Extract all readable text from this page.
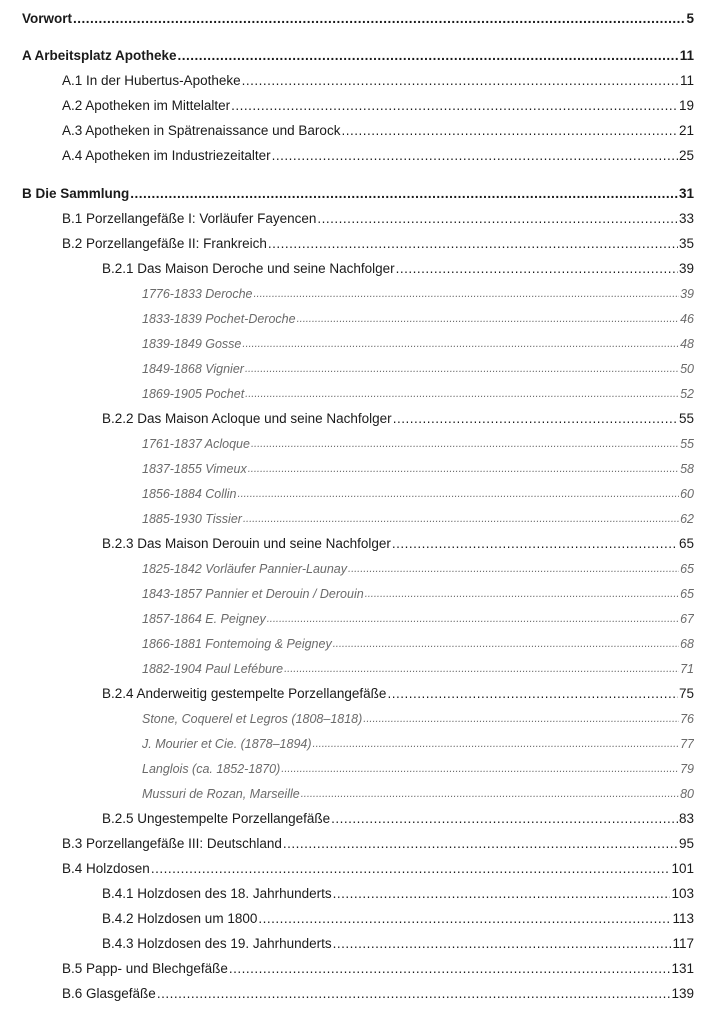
Vorwort .....	5
A Arbeitsplatz Apotheke .....	11
A.1 In der Hubertus-Apotheke .....	11
A.2 Apotheken im Mittelalter .....	19
A.3 Apotheken in Spätrenaissance und Barock .....	21
A.4 Apotheken im Industriezeitalter .....	25
B Die Sammlung .....	31
B.1 Porzellangefäße I: Vorläufer Fayencen .....	33
B.2 Porzellangefäße II: Frankreich .....	35
B.2.1 Das Maison Deroche und seine Nachfolger .....	39
1776-1833 Deroche .....	39
1833-1839 Pochet-Deroche .....	46
1839-1849 Gosse .....	48
1849-1868 Vignier .....	50
1869-1905 Pochet .....	52
B.2.2 Das Maison Acloque und seine Nachfolger .....	55
1761-1837 Acloque .....	55
1837-1855 Vimeux .....	58
1856-1884 Collin .....	60
1885-1930 Tissier .....	62
B.2.3 Das Maison Derouin und seine Nachfolger .....	65
1825-1842 Vorläufer Pannier-Launay .....	65
1843-1857 Pannier et Derouin / Derouin .....	65
1857-1864 E. Peigney .....	67
1866-1881 Fontemoing & Peigney .....	68
1882-1904 Paul Lefébure .....	71
B.2.4 Anderweitig gestempelte Porzellangefäße .....	75
Stone, Coquerel et Legros (1808–1818) .....	76
J. Mourier et Cie. (1878–1894) .....	77
Langlois (ca. 1852-1870) .....	79
Mussuri de Rozan, Marseille .....	80
B.2.5 Ungestempelte Porzellangefäße .....	83
B.3 Porzellangefäße III: Deutschland .....	95
B.4 Holzdosen .....	101
B.4.1 Holzdosen des 18. Jahrhunderts .....	103
B.4.2 Holzdosen um 1800 .....	113
B.4.3 Holzdosen des 19. Jahrhunderts .....	117
B.5 Papp- und Blechgefäße .....	131
B.6 Glasgefäße .....	139
